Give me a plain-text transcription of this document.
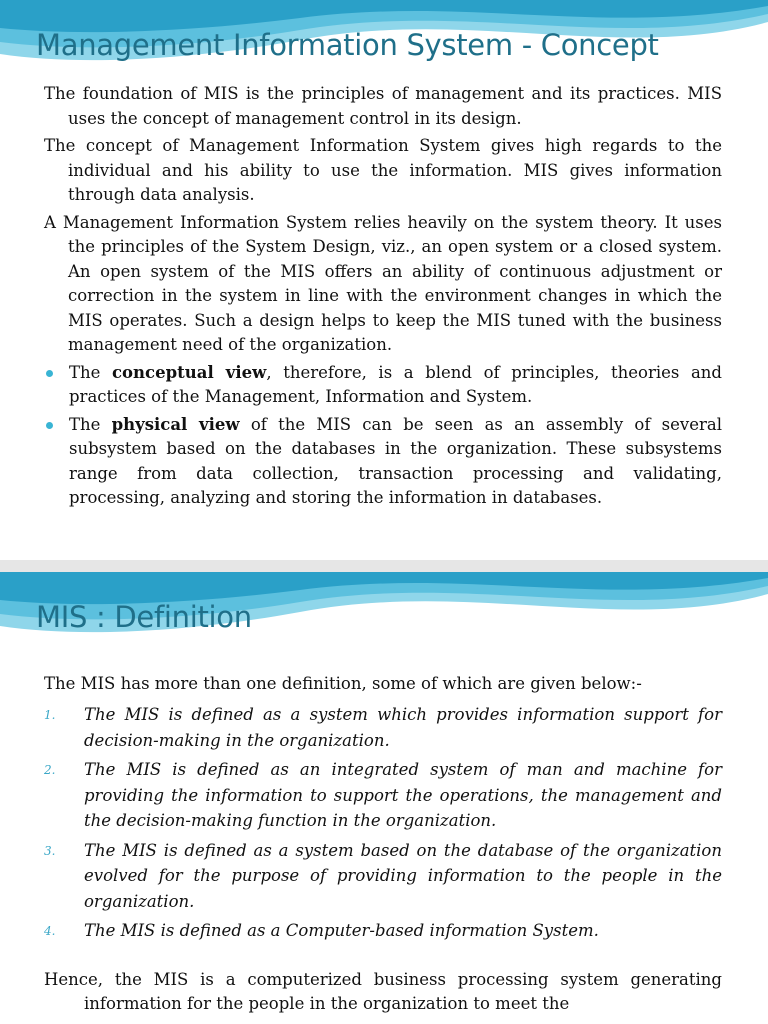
Management Information System - Concept

The foundation of MIS is the principles of management and its practices. MIS uses the concept of management control in its design.

The concept of Management Information System gives high regards to the individual and his ability to use the information. MIS gives information through data analysis.

A Management Information System relies heavily on the system theory. It uses the principles of the System Design, viz., an open system or a closed system. An open system of the MIS offers an ability of continuous adjustment or correction in the system in line with the environment changes in which the MIS operates. Such a design helps to keep the MIS tuned with the business management need of the organization.

The conceptual view, therefore, is a blend of principles, theories and practices of the Management, Information and System.
The physical view of the MIS can be seen as an assembly of several subsystem based on the databases in the organization. These subsystems range from data collection, transaction processing and validating, processing, analyzing and storing the information in databases.
MIS : Definition

The MIS has more than one definition, some of which are given below:-

1. The MIS is defined as a system which provides information support for decision-making in the organization.
2. The MIS is defined as an integrated system of man and machine for providing the information to support the operations, the management and the decision-making function in the organization.
3. The MIS is defined as a system based on the database of the organization evolved for the purpose of providing information to the people in the organization.
4. The MIS is defined as a Computer-based information System.

Hence, the MIS is a computerized business processing system generating information for the people in the organization to meet the
